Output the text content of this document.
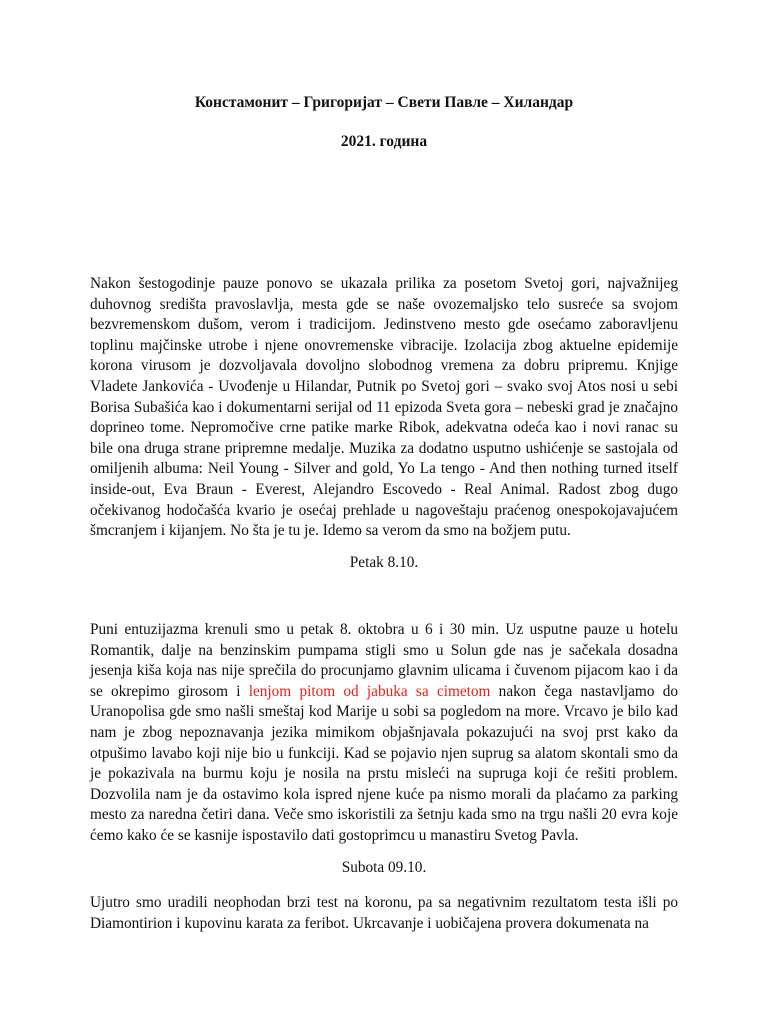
Констамонит – Григоријат – Свети Павле – Хиландар
2021. година
Nakon šestogodinje pauze ponovo se ukazala prilika za posetom Svetoj gori, najvažnijeg duhovnog središta pravoslavlja, mesta gde se naše ovozemaljsko telo susreće sa svojom bezvremenskom dušom, verom i tradicijom. Jedinstveno mesto gde osećamo zaboravljenu toplinu majčinske utrobe i njene onovremenske vibracije. Izolacija zbog aktuelne epidemije korona virusom je dozvoljavala dovoljno slobodnog vremena za dobru pripremu. Knjige Vladete Jankovića - Uvođenje u Hilandar, Putnik po Svetoj gori – svako svoj Atos nosi u sebi Borisa Subašića kao i dokumentarni serijal od 11 epizoda Sveta gora – nebeski grad je značajno doprineo tome. Nepromočive crne patike marke Ribok, adekvatna odeća kao i novi ranac su bile ona druga strane pripremne medalje. Muzika za dodatno usputno ushićenje se sastojala od omiljenih albuma: Neil Young - Silver and gold, Yo La tengo - And then nothing turned itself inside-out, Eva Braun - Everest, Alejandro Escovedo - Real Animal. Radost zbog dugo očekivanog hodočašća kvario je osećaj prehlade u nagoveštaju praćenog onespokojavajućem šmcranjem i kijanjem. No šta je tu je. Idemo sa verom da smo na božjem putu.
Petak 8.10.
Puni entuzijazma krenuli smo u petak 8. oktobra u 6 i 30 min. Uz usputne pauze u hotelu Romantik, dalje na benzinskim pumpama stigli smo u Solun gde nas je sačekala dosadna jesenja kiša koja nas nije sprečila do procunjamo glavnim ulicama i čuvenom pijacom kao i da se okrepimo girosom i lenjom pitom od jabuka sa cimetom nakon čega nastavljamo do Uranopolisa gde smo našli smeštaj kod Marije u sobi sa pogledom na more. Vrcavo je bilo kad nam je zbog nepoznavanja jezika mimikom objašnjavala pokazujući na svoj prst kako da otpušimo lavabo koji nije bio u funkciji. Kad se pojavio njen suprug sa alatom skontali smo da je pokazivala na burmu koju je nosila na prstu misleći na supruga koji će rešiti problem. Dozvolila nam je da ostavimo kola ispred njene kuće pa nismo morali da plaćamo za parking mesto za naredna četiri dana. Veče smo iskoristili za šetnju kada smo na trgu našli 20 evra koje ćemo kako će se kasnije ispostavilo dati gostoprimcu u manastiru Svetog Pavla.
Subota 09.10.
Ujutro smo uradili neophodan brzi test na koronu, pa sa negativnim rezultatom testa išli po Diamontirion i kupovinu karata za feribot. Ukrcavanje i uobičajena provera dokumenata na
